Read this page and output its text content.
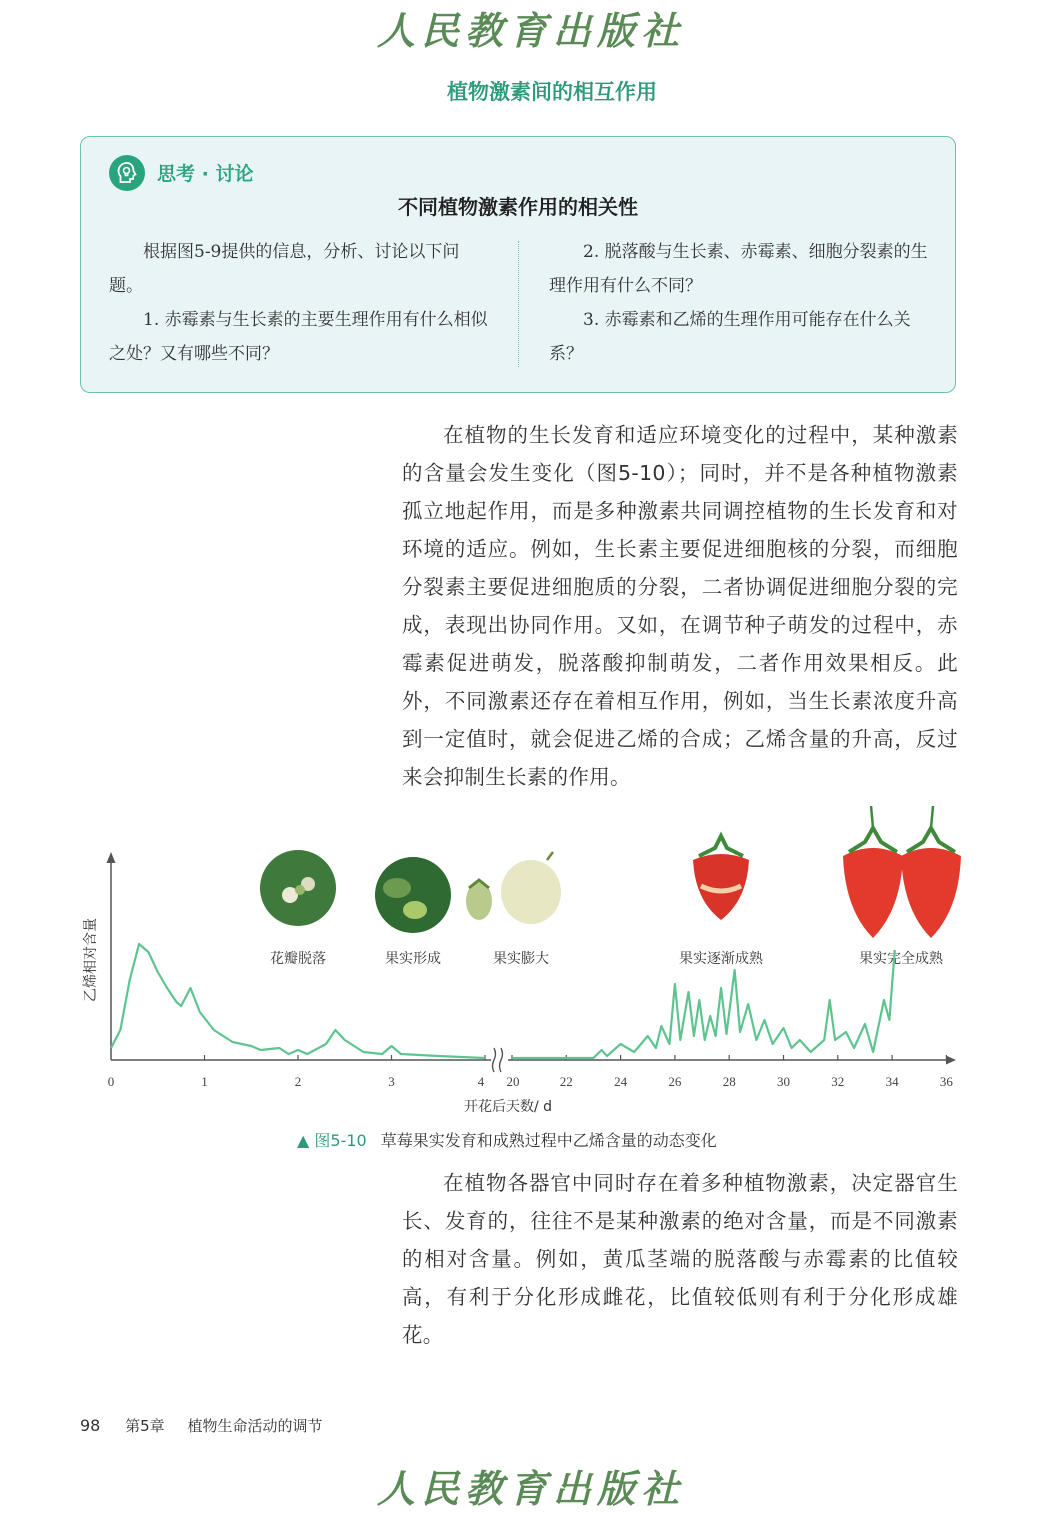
人民教育出版社
植物激素间的相互作用
思考 · 讨论
不同植物激素作用的相关性

根据图5-9提供的信息，分析、讨论以下问题。

1. 赤霉素与生长素的主要生理作用有什么相似之处？又有哪些不同？

2. 脱落酸与生长素、赤霉素、细胞分裂素的生理作用有什么不同？

3. 赤霉素和乙烯的生理作用可能存在什么关系？

在植物的生长发育和适应环境变化的过程中，某种激素的含量会发生变化（图5-10）；同时，并不是各种植物激素孤立地起作用，而是多种激素共同调控植物的生长发育和对环境的适应。例如，生长素主要促进细胞核的分裂，而细胞分裂素主要促进细胞质的分裂，二者协调促进细胞分裂的完成，表现出协同作用。又如，在调节种子萌发的过程中，赤霉素促进萌发，脱落酸抑制萌发，二者作用效果相反。此外，不同激素还存在着相互作用，例如，当生长素浓度升高到一定值时，就会促进乙烯的合成；乙烯含量的升高，反过来会抑制生长素的作用。

0	1	2	3	4 20	22	24	26	28	30	32	34	36
开花后天数/ d
乙烯相对含量	花瓣脱落	果实形成	果实膨大	果实逐渐成熟	果实完全成熟
▲ 图5-10 草莓果实发育和成熟过程中乙烯含量的动态变化

在植物各器官中同时存在着多种植物激素，决定器官生长、发育的，往往不是某种激素的绝对含量，而是不同激素的相对含量。例如，黄瓜茎端的脱落酸与赤霉素的比值较高，有利于分化形成雌花，比值较低则有利于分化形成雄花。

98 第5章 植物生命活动的调节
人民教育出版社
